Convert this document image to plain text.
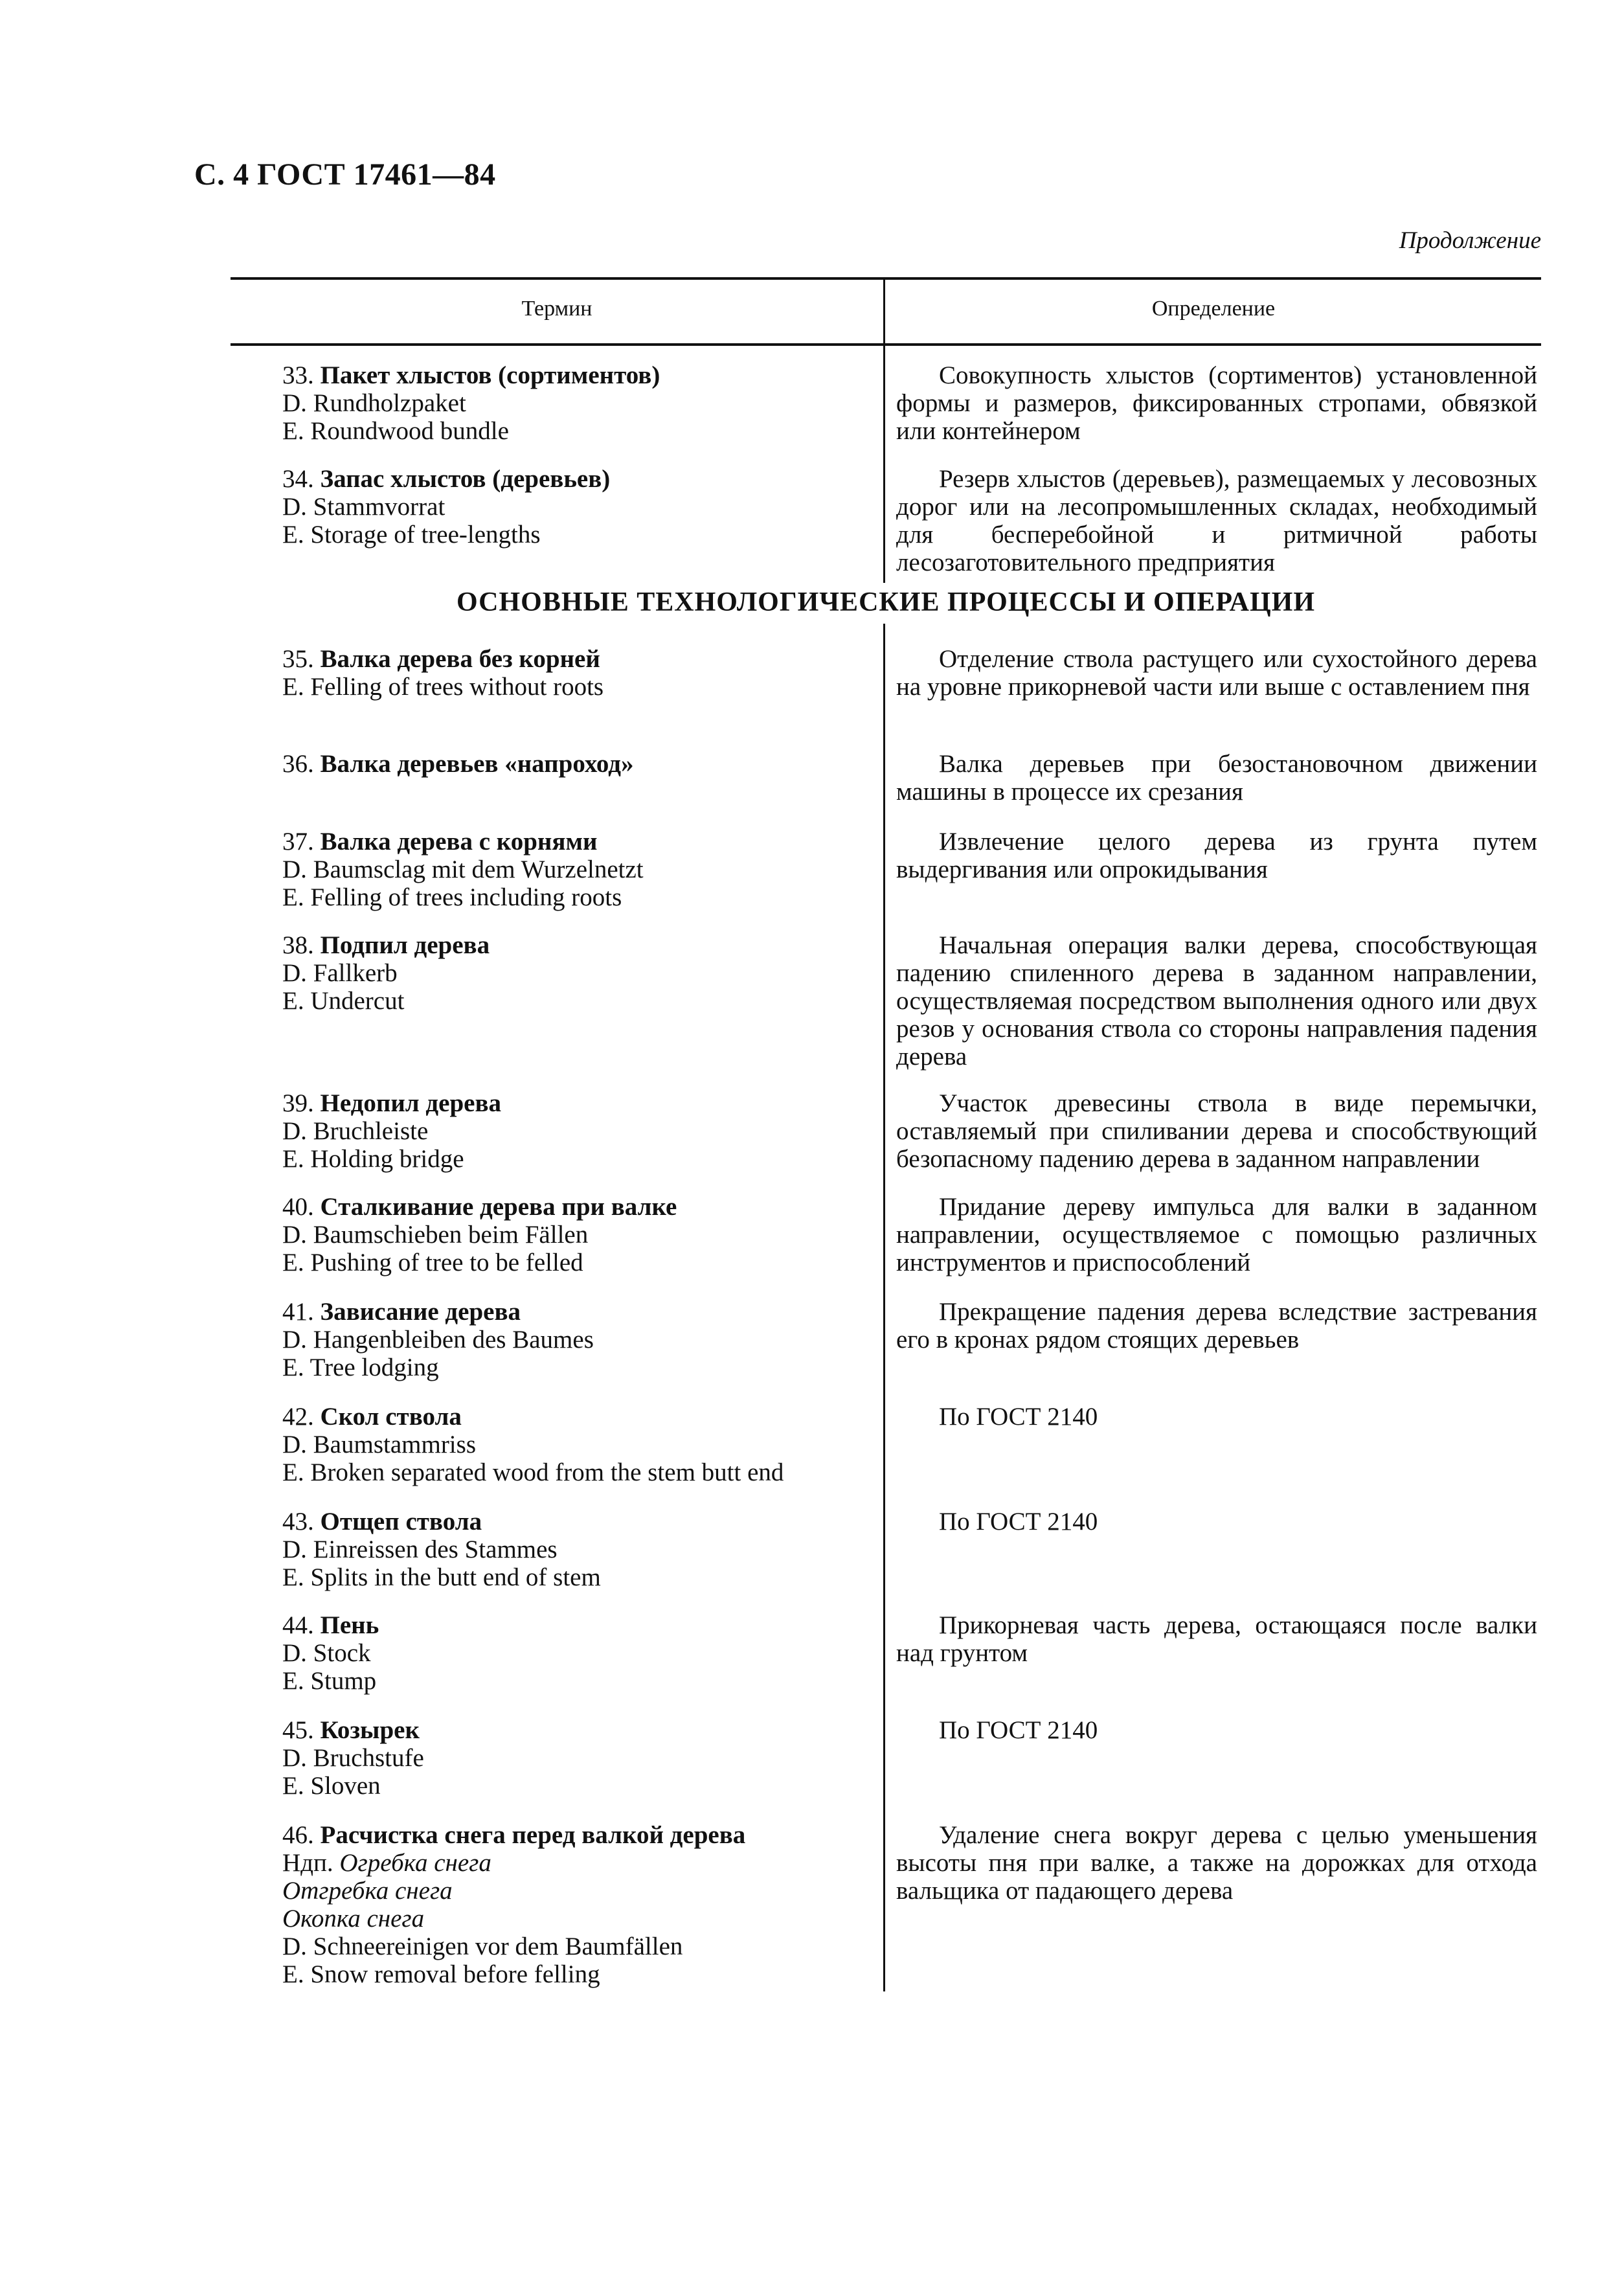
С. 4 ГОСТ 17461—84
Продолжение
Термин	Определение
ОСНОВНЫЕ ТЕХНОЛОГИЧЕСКИЕ ПРОЦЕССЫ И ОПЕРАЦИИ
33. Пакет хлыстов (сортиментов)
D. Rundholzpaket
E. Roundwood bundle
Совокупность хлыстов (сортиментов) установленной формы и размеров, фиксированных стропами, обвязкой или контейнером
34. Запас хлыстов (деревьев)
D. Stammvorrat
E. Storage of tree-lengths
Резерв хлыстов (деревьев), размещаемых у лесовозных дорог или на лесопромышленных складах, необходимый для бесперебойной и ритмичной работы лесозаготовительного предприятия
35. Валка дерева без корней
E. Felling of trees without roots
Отделение ствола растущего или сухостойного дерева на уровне прикорневой части или выше с оставлением пня
36. Валка деревьев «напроход»	Валка деревьев при безостановочном движении машины в процессе их срезания
37. Валка дерева с корнями
D. Baumsclag mit dem Wurzelnetzt
E. Felling of trees including roots
Извлечение целого дерева из грунта путем выдергивания или опрокидывания
38. Подпил дерева
D. Fallkerb
E. Undercut
Начальная операция валки дерева, способствующая падению спиленного дерева в заданном направлении, осуществляемая посредством выполнения одного или двух резов у основания ствола со стороны направления падения дерева
39. Недопил дерева
D. Bruchleiste
E. Holding bridge
Участок древесины ствола в виде перемычки, оставляемый при спиливании дерева и способствующий безопасному падению дерева в заданном направлении
40. Сталкивание дерева при валке
D. Baumschieben beim Fällen
E. Pushing of tree to be felled
Придание дереву импульса для валки в заданном направлении, осуществляемое с помощью различных инструментов и приспособлений
41. Зависание дерева
D. Hangenbleiben des Baumes
E. Tree lodging
Прекращение падения дерева вследствие застревания его в кронах рядом стоящих деревьев
42. Скол ствола
D. Baumstammriss
E. Broken separated wood from the stem butt end
По ГОСТ 2140
43. Отщеп ствола
D. Einreissen des Stammes
E. Splits in the butt end of stem
По ГОСТ 2140
44. Пень
D. Stock
E. Stump
Прикорневая часть дерева, остающаяся после валки над грунтом
45. Козырек
D. Bruchstufe
E. Sloven
По ГОСТ 2140
46. Расчистка снега перед валкой дерева
Ндп. Огребка снега
Отгребка снега
Окопка снега
D. Schneereinigen vor dem Baumfällen
E. Snow removal before felling
Удаление снега вокруг дерева с целью уменьшения высоты пня при валке, а также на дорожках для отхода вальщика от падающего дерева
